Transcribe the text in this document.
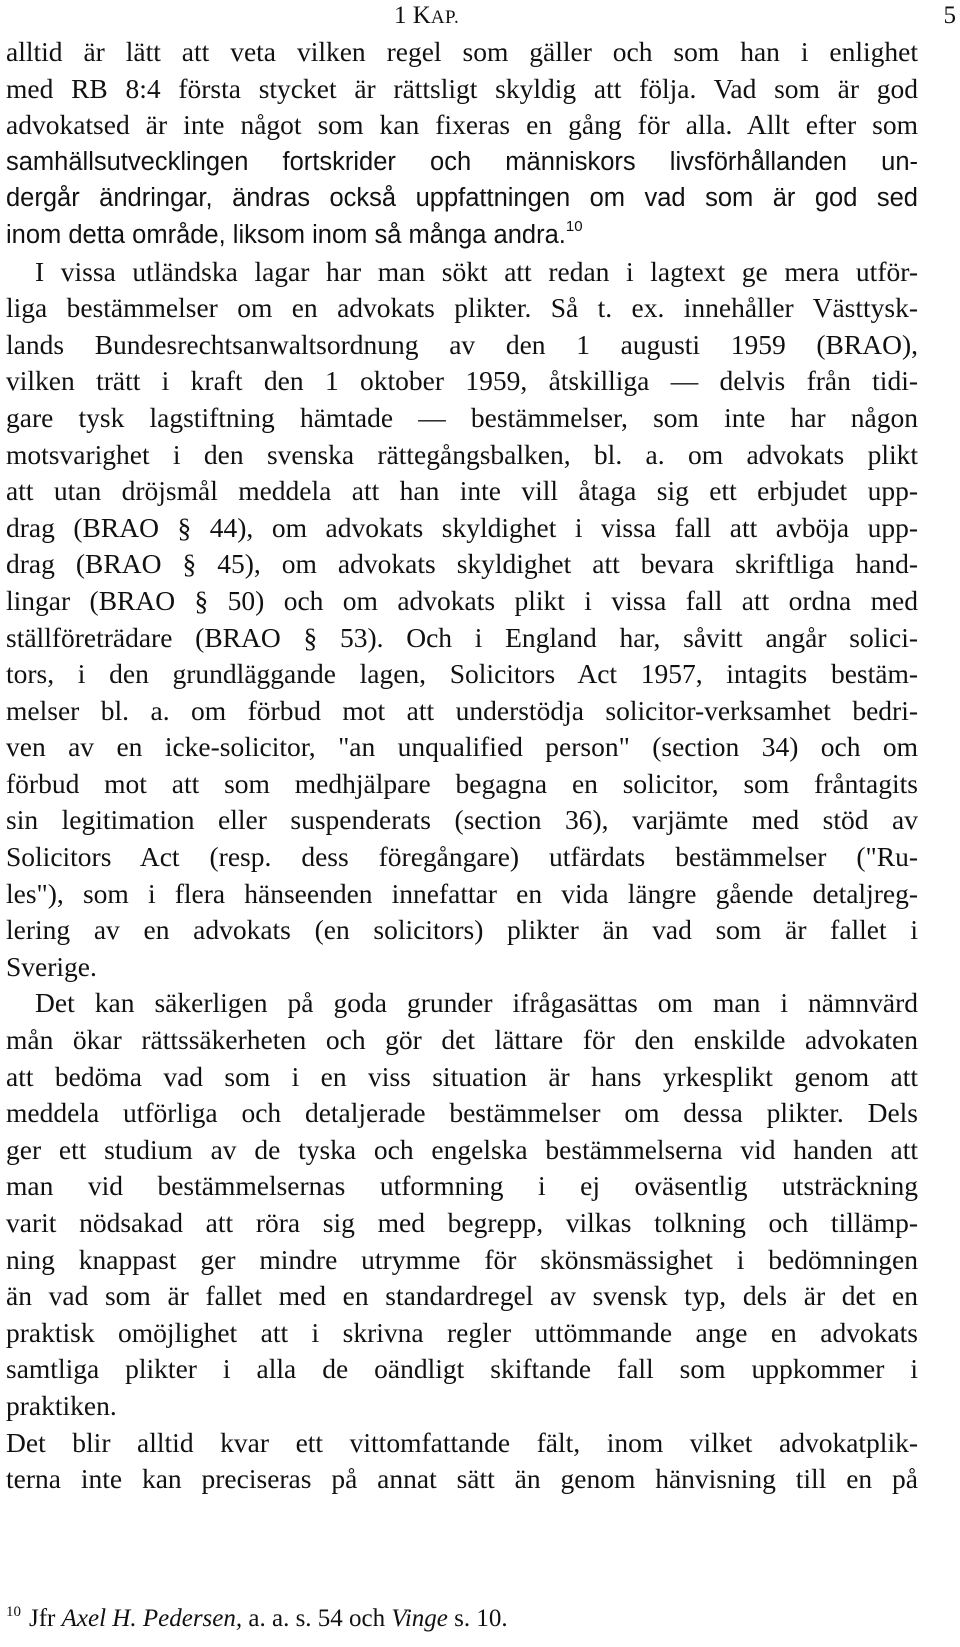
1 KAP.	5
alltid är lätt att veta vilken regel som gäller och som han i enlighet
med RB 8:4 första stycket är rättsligt skyldig att följa. Vad som är god
advokatsed är inte något som kan fixeras en gång för alla. Allt efter som
samhällsutvecklingen fortskrider och människors livsförhållanden un-
dergår ändringar, ändras också uppfattningen om vad som är god sed
inom detta område, liksom inom så många andra.$^{10}$
I vissa utländska lagar har man sökt att redan i lagtext ge mera utför-
liga bestämmelser om en advokats plikter. Så t. ex. innehåller Västtysk-
lands Bundesrechtsanwaltsordnung av den 1 augusti 1959 (BRAO),
vilken trätt i kraft den 1 oktober 1959, åtskilliga — delvis från tidi-
gare tysk lagstiftning hämtade — bestämmelser, som inte har någon
motsvarighet i den svenska rättegångsbalken, bl. a. om advokats plikt
att utan dröjsmål meddela att han inte vill åtaga sig ett erbjudet upp-
drag (BRAO § 44), om advokats skyldighet i vissa fall att avböja upp-
drag (BRAO § 45), om advokats skyldighet att bevara skriftliga hand-
lingar (BRAO § 50) och om advokats plikt i vissa fall att ordna med
ställföreträdare (BRAO § 53). Och i England har, såvitt angår solici-
tors, i den grundläggande lagen, Solicitors Act 1957, intagits bestäm-
melser bl. a. om förbud mot att understödja solicitor-verksamhet bedri-
ven av en icke-solicitor, "an unqualified person" (section 34) och om
förbud mot att som medhjälpare begagna en solicitor, som fråntagits
sin legitimation eller suspenderats (section 36), varjämte med stöd av
Solicitors Act (resp. dess föregångare) utfärdats bestämmelser ("Ru-
les"), som i flera hänseenden innefattar en vida längre gående detaljreg-
lering av en advokats (en solicitors) plikter än vad som är fallet i
Sverige.
Det kan säkerligen på goda grunder ifrågasättas om man i nämnvärd
mån ökar rättssäkerheten och gör det lättare för den enskilde advokaten
att bedöma vad som i en viss situation är hans yrkesplikt genom att
meddela utförliga och detaljerade bestämmelser om dessa plikter. Dels
ger ett studium av de tyska och engelska bestämmelserna vid handen att
man vid bestämmelsernas utformning i ej oväsentlig utsträckning
varit nödsakad att röra sig med begrepp, vilkas tolkning och tillämp-
ning knappast ger mindre utrymme för skönsmässighet i bedömningen
än vad som är fallet med en standardregel av svensk typ, dels är det en
praktisk omöjlighet att i skrivna regler uttömmande ange en advokats
samtliga plikter i alla de oändligt skiftande fall som uppkommer i
praktiken.
Det blir alltid kvar ett vittomfattande fält, inom vilket advokatplik-
terna inte kan preciseras på annat sätt än genom hänvisning till en på
$^{10}$ Jfr Axel H. Pedersen, a. a. s. 54 och Vinge s. 10.
